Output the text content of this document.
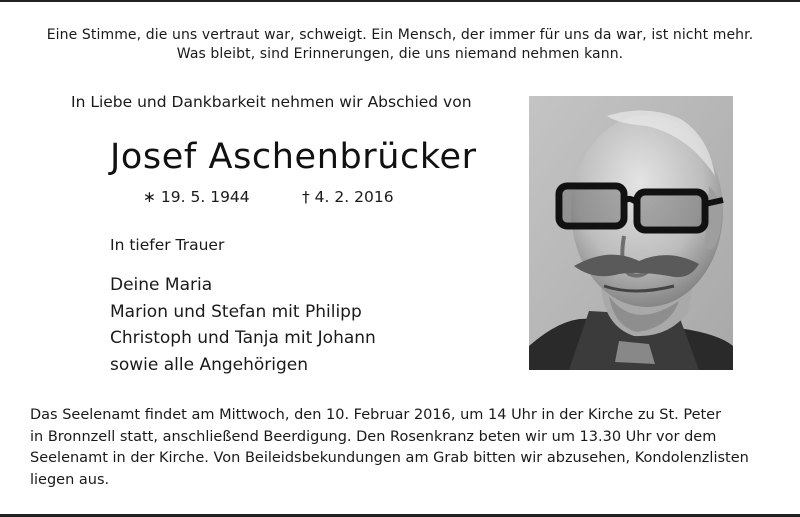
Eine Stimme, die uns vertraut war, schweigt. Ein Mensch, der immer für uns da war, ist nicht mehr.
Was bleibt, sind Erinnerungen, die uns niemand nehmen kann.
In Liebe und Dankbarkeit nehmen wir Abschied von
Josef Aschenbrücker
∗ 19. 5. 1944	† 4. 2. 2016
In tiefer Trauer
Deine Maria
Marion und Stefan mit Philipp
Christoph und Tanja mit Johann
sowie alle Angehörigen
Das Seelenamt findet am Mittwoch, den 10. Februar 2016, um 14 Uhr in der Kirche zu St. Peter
in Bronnzell statt, anschließend Beerdigung. Den Rosenkranz beten wir um 13.30 Uhr vor dem
Seelenamt in der Kirche. Von Beileidsbekundungen am Grab bitten wir abzusehen, Kondolenzlisten
liegen aus.
